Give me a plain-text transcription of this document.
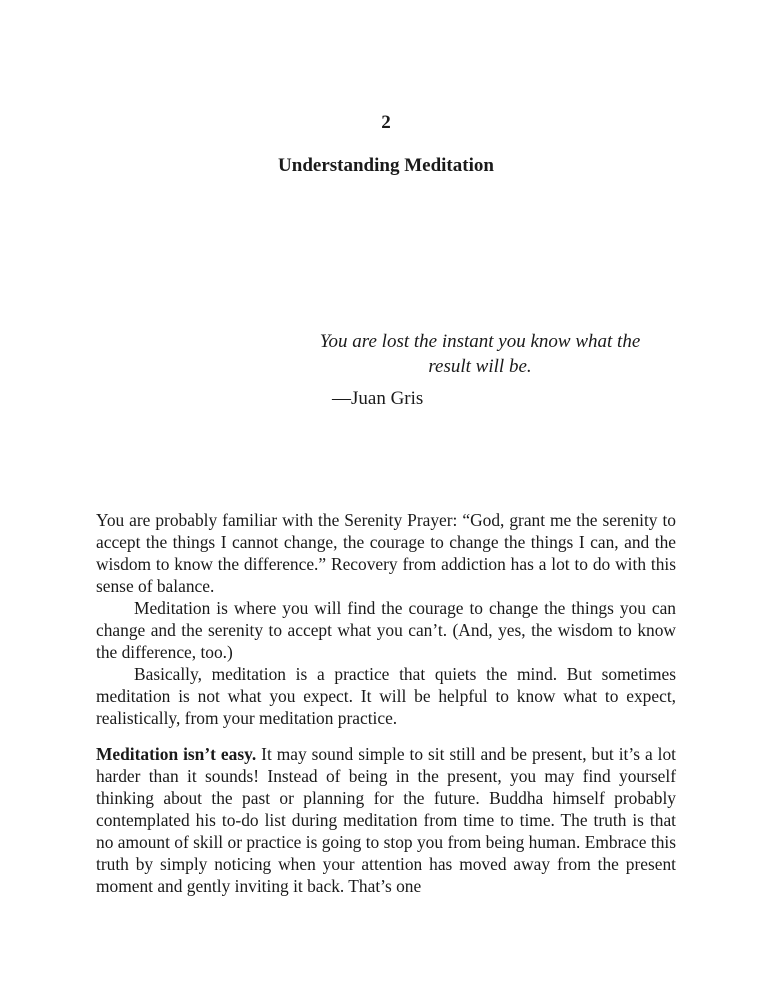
2
Understanding Meditation

You are lost the instant you know what the result will be.

—Juan Gris

You are probably familiar with the Serenity Prayer: “God, grant me the serenity to accept the things I cannot change, the courage to change the things I can, and the wisdom to know the difference.” Recovery from addiction has a lot to do with this sense of balance.

Meditation is where you will find the courage to change the things you can change and the serenity to accept what you can’t. (And, yes, the wisdom to know the difference, too.)

Basically, meditation is a practice that quiets the mind. But sometimes meditation is not what you expect. It will be helpful to know what to expect, realistically, from your meditation practice.

Meditation isn’t easy. It may sound simple to sit still and be present, but it’s a lot harder than it sounds! Instead of being in the present, you may find yourself thinking about the past or planning for the future. Buddha himself probably contemplated his to-do list during meditation from time to time. The truth is that no amount of skill or practice is going to stop you from being human. Embrace this truth by simply noticing when your attention has moved away from the present moment and gently inviting it back. That’s one
